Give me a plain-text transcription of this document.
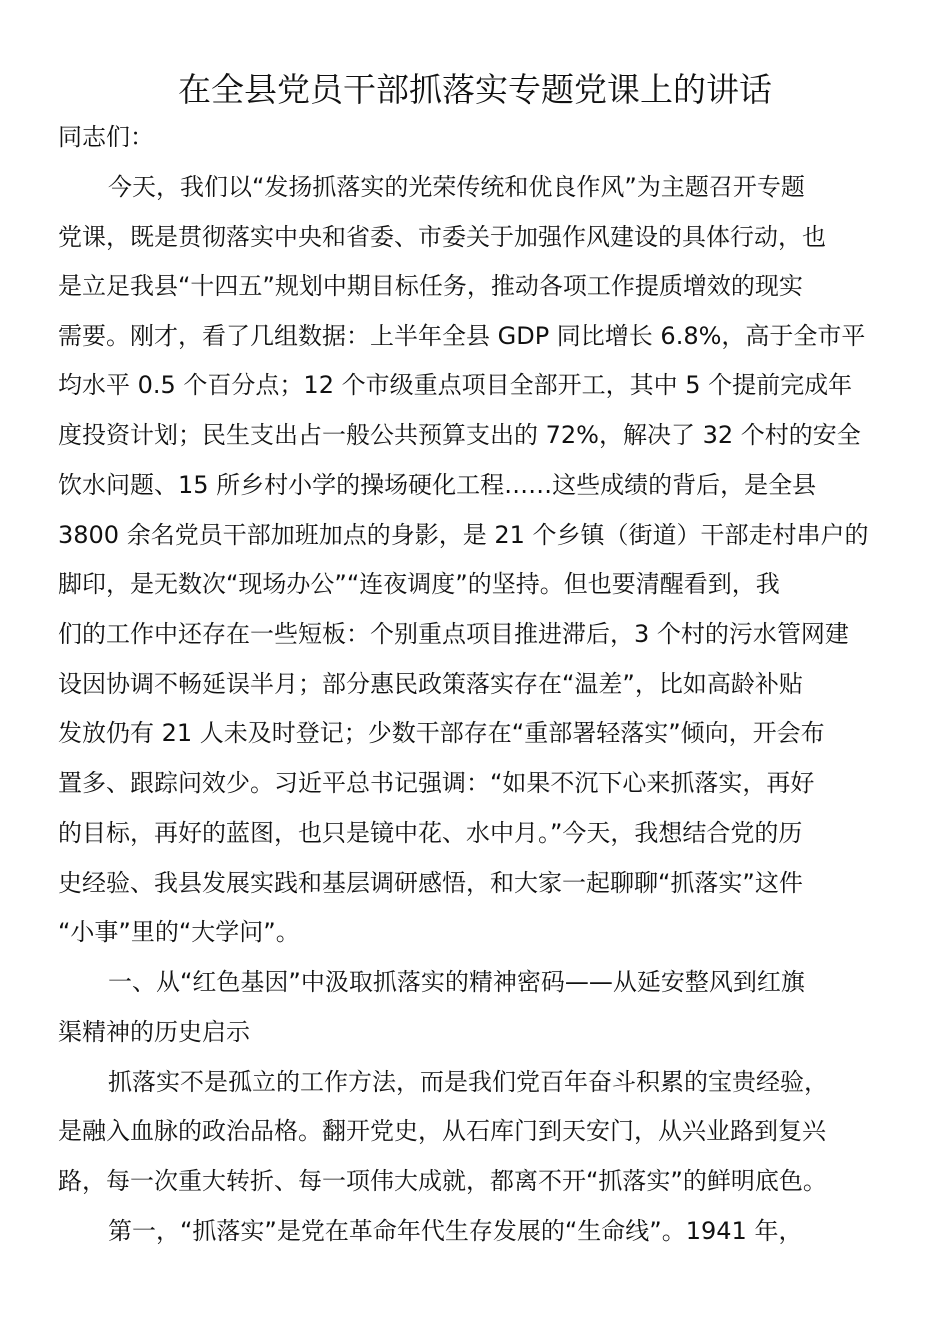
在全县党员干部抓落实专题党课上的讲话
同志们：
今天，我们以“发扬抓落实的光荣传统和优良作风”为主题召开专题
党课，既是贯彻落实中央和省委、市委关于加强作风建设的具体行动，也
是立足我县“十四五”规划中期目标任务，推动各项工作提质增效的现实
需要。刚才，看了几组数据：上半年全县 GDP 同比增长 6.8%，高于全市平
均水平 0.5 个百分点；12 个市级重点项目全部开工，其中 5 个提前完成年
度投资计划；民生支出占一般公共预算支出的 72%，解决了 32 个村的安全
饮水问题、15 所乡村小学的操场硬化工程……这些成绩的背后，是全县
3800 余名党员干部加班加点的身影，是 21 个乡镇（街道）干部走村串户的
脚印，是无数次“现场办公”“连夜调度”的坚持。但也要清醒看到，我
们的工作中还存在一些短板：个别重点项目推进滞后，3 个村的污水管网建
设因协调不畅延误半月；部分惠民政策落实存在“温差”，比如高龄补贴
发放仍有 21 人未及时登记；少数干部存在“重部署轻落实”倾向，开会布
置多、跟踪问效少。习近平总书记强调：“如果不沉下心来抓落实，再好
的目标，再好的蓝图，也只是镜中花、水中月。”今天，我想结合党的历
史经验、我县发展实践和基层调研感悟，和大家一起聊聊“抓落实”这件
“小事”里的“大学问”。
一、从“红色基因”中汲取抓落实的精神密码——从延安整风到红旗
渠精神的历史启示
抓落实不是孤立的工作方法，而是我们党百年奋斗积累的宝贵经验，
是融入血脉的政治品格。翻开党史，从石库门到天安门，从兴业路到复兴
路，每一次重大转折、每一项伟大成就，都离不开“抓落实”的鲜明底色。
第一，“抓落实”是党在革命年代生存发展的“生命线”。1941 年，
